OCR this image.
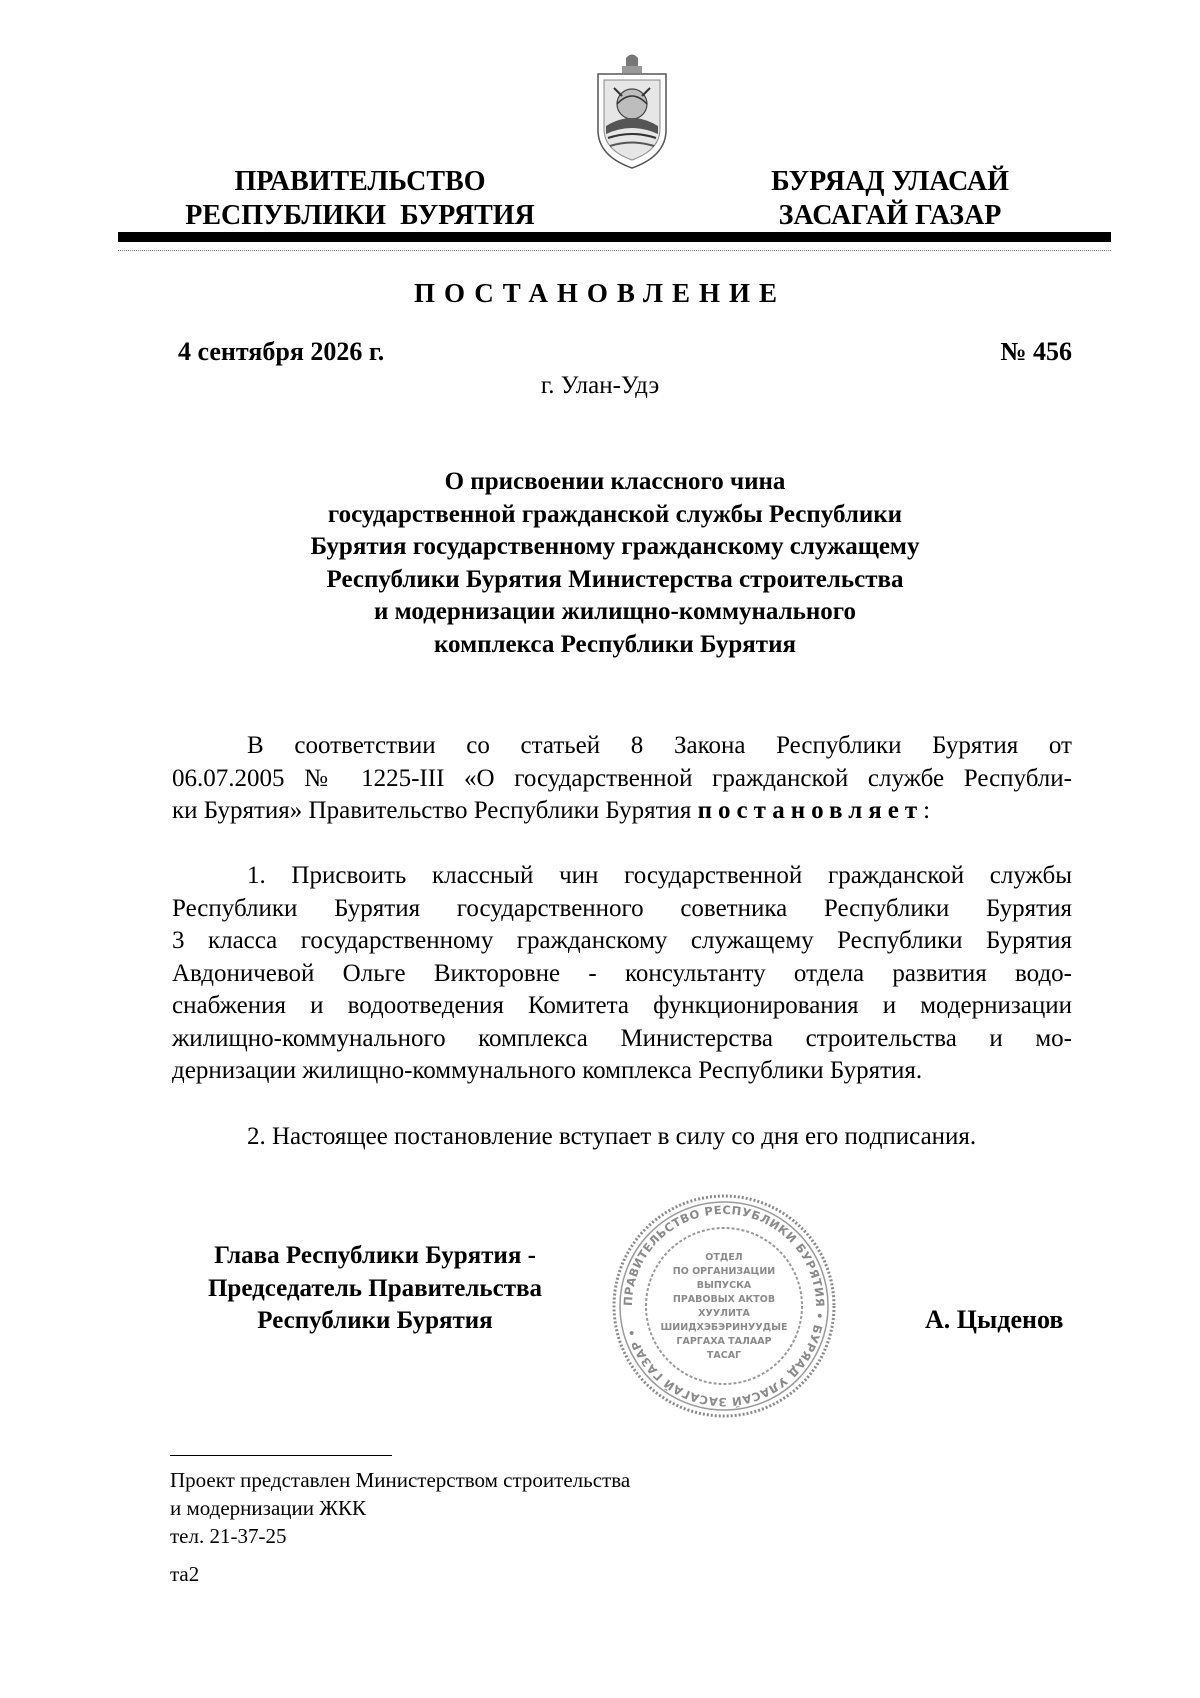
ПРАВИТЕЛЬСТВО
РЕСПУБЛИКИ  БУРЯТИЯ
БУРЯАД УЛАСАЙ
ЗАСАГАЙ ГАЗАР
ПОСТАНОВЛЕНИЕ
4 сентября 2026 г.	№ 456
г. Улан-Удэ
О присвоении классного чина
государственной гражданской службы Республики
Бурятия государственному гражданскому служащему
Республики Бурятия Министерства строительства
и модернизации жилищно-коммунального
комплекса Республики Бурятия
В соответствии со статьей 8 Закона Республики Бурятия от
06.07.2005 № 1225-III «О государственной гражданской службе Республи-
ки Бурятия» Правительство Республики Бурятия постановляет:
1. Присвоить классный чин государственной гражданской службы
Республики Бурятия государственного советника Республики Бурятия
3 класса государственному гражданскому служащему Республики Бурятия
Авдоничевой Ольге Викторовне - консультанту отдела развития водо-
снабжения и водоотведения Комитета функционирования и модернизации
жилищно-коммунального комплекса Министерства строительства и мо-
дернизации жилищно-коммунального комплекса Республики Бурятия.
2. Настоящее постановление вступает в силу со дня его подписания.
Глава Республики Бурятия -
Председатель Правительства
Республики Бурятия
ПРАВИТЕЛЬСТВО РЕСПУБЛИКИ БУРЯТИЯ • БУРЯАД УЛАСАЙ ЗАСАГАЙ ГАЗАР •
ОТДЕЛ
ПО ОРГАНИЗАЦИИ
ВЫПУСКА
ПРАВОВЫХ АКТОВ
ХУУЛИТА
ШИИДХЭБЭРИНУУДЫЕ
ГАРГАХА ТАЛААР
ТАСАГ
А. Цыденов
Проект представлен Министерством строительства
и модернизации ЖКК
тел. 21-37-25
та2
